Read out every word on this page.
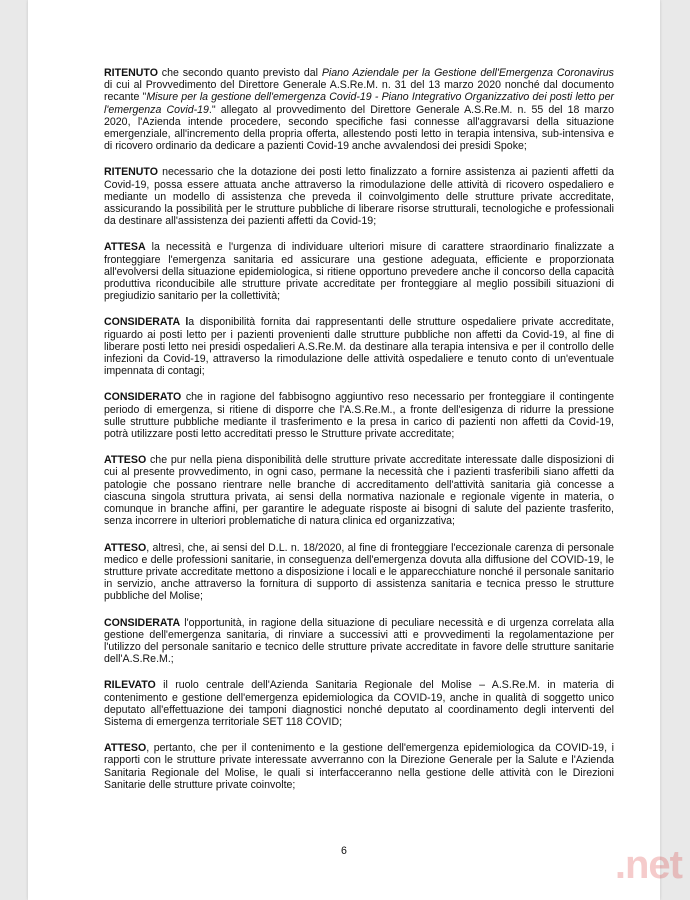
RITENUTO che secondo quanto previsto dal Piano Aziendale per la Gestione dell'Emergenza Coronavirus di cui al Provvedimento del Direttore Generale A.S.Re.M. n. 31 del 13 marzo 2020 nonché dal documento recante "Misure per la gestione dell'emergenza Covid-19 - Piano Integrativo Organizzativo dei posti letto per l'emergenza Covid-19." allegato al provvedimento del Direttore Generale A.S.Re.M. n. 55 del 18 marzo 2020, l'Azienda intende procedere, secondo specifiche fasi connesse all'aggravarsi della situazione emergenziale, all'incremento della propria offerta, allestendo posti letto in terapia intensiva, sub-intensiva e di ricovero ordinario da dedicare a pazienti Covid-19 anche avvalendosi dei presidi Spoke;

RITENUTO necessario che la dotazione dei posti letto finalizzato a fornire assistenza ai pazienti affetti da Covid-19, possa essere attuata anche attraverso la rimodulazione delle attività di ricovero ospedaliero e mediante un modello di assistenza che preveda il coinvolgimento delle strutture private accreditate, assicurando la possibilità per le strutture pubbliche di liberare risorse strutturali, tecnologiche e professionali da destinare all'assistenza dei pazienti affetti da Covid-19;

ATTESA la necessità e l'urgenza di individuare ulteriori misure di carattere straordinario finalizzate a fronteggiare l'emergenza sanitaria ed assicurare una gestione adeguata, efficiente e proporzionata all'evolversi della situazione epidemiologica, si ritiene opportuno prevedere anche il concorso della capacità produttiva riconducibile alle strutture private accreditate per fronteggiare al meglio possibili situazioni di pregiudizio sanitario per la collettività;

CONSIDERATA la disponibilità fornita dai rappresentanti delle strutture ospedaliere private accreditate, riguardo ai posti letto per i pazienti provenienti dalle strutture pubbliche non affetti da Covid-19, al fine di liberare posti letto nei presidi ospedalieri A.S.Re.M. da destinare alla terapia intensiva e per il controllo delle infezioni da Covid-19, attraverso la rimodulazione delle attività ospedaliere e tenuto conto di un'eventuale impennata di contagi;

CONSIDERATO che in ragione del fabbisogno aggiuntivo reso necessario per fronteggiare il contingente periodo di emergenza, si ritiene di disporre che l'A.S.Re.M., a fronte dell'esigenza di ridurre la pressione sulle strutture pubbliche mediante il trasferimento e la presa in carico di pazienti non affetti da Covid-19, potrà utilizzare posti letto accreditati presso le Strutture private accreditate;

ATTESO che pur nella piena disponibilità delle strutture private accreditate interessate dalle disposizioni di cui al presente provvedimento, in ogni caso, permane la necessità che i pazienti trasferibili siano affetti da patologie che possano rientrare nelle branche di accreditamento dell'attività sanitaria già concesse a ciascuna singola struttura privata, ai sensi della normativa nazionale e regionale vigente in materia, o comunque in branche affini, per garantire le adeguate risposte ai bisogni di salute del paziente trasferito, senza incorrere in ulteriori problematiche di natura clinica ed organizzativa;

ATTESO, altresì, che, ai sensi del D.L. n. 18/2020, al fine di fronteggiare l'eccezionale carenza di personale medico e delle professioni sanitarie, in conseguenza dell'emergenza dovuta alla diffusione del COVID-19, le strutture private accreditate mettono a disposizione i locali e le apparecchiature nonché il personale sanitario in servizio, anche attraverso la fornitura di supporto di assistenza sanitaria e tecnica presso le strutture pubbliche del Molise;

CONSIDERATA l'opportunità, in ragione della situazione di peculiare necessità e di urgenza correlata alla gestione dell'emergenza sanitaria, di rinviare a successivi atti e provvedimenti la regolamentazione per l'utilizzo del personale sanitario e tecnico delle strutture private accreditate in favore delle strutture sanitarie dell'A.S.Re.M.;

RILEVATO il ruolo centrale dell'Azienda Sanitaria Regionale del Molise – A.S.Re.M. in materia di contenimento e gestione dell'emergenza epidemiologica da COVID-19, anche in qualità di soggetto unico deputato all'effettuazione dei tamponi diagnostici nonché deputato al coordinamento degli interventi del Sistema di emergenza territoriale SET 118 COVID;

ATTESO, pertanto, che per il contenimento e la gestione dell'emergenza epidemiologica da COVID-19, i rapporti con le strutture private interessate avverranno con la Direzione Generale per la Salute e l'Azienda Sanitaria Regionale del Molise, le quali si interfacceranno nella gestione delle attività con le Direzioni Sanitarie delle strutture private coinvolte;

6	.net
